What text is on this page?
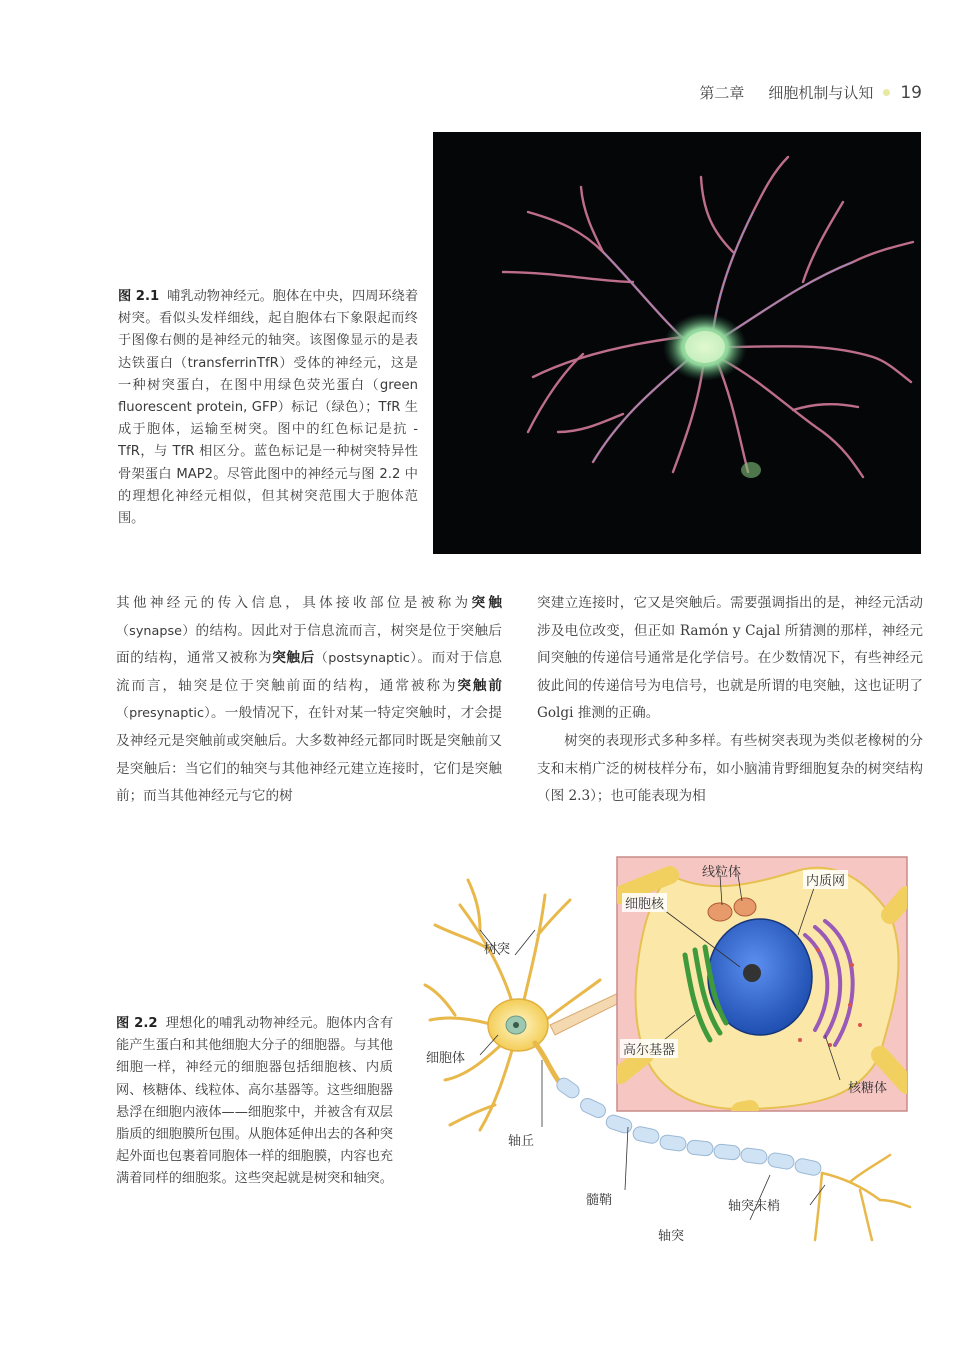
第二章 细胞机制与认知 19
图 2.1 哺乳动物神经元。胞体在中央，四周环绕着树突。看似头发样细线，起自胞体右下象限起而终于图像右侧的是神经元的轴突。该图像显示的是表达铁蛋白（transferrinTfR）受体的神经元，这是一种树突蛋白，在图中用绿色荧光蛋白（green fluorescent protein, GFP）标记（绿色）；TfR 生成于胞体，运输至树突。图中的红色标记是抗 -TfR，与 TfR 相区分。蓝色标记是一种树突特异性骨架蛋白 MAP2。尽管此图中的神经元与图 2.2 中的理想化神经元相似，但其树突范围大于胞体范围。

其他神经元的传入信息，具体接收部位是被称为突触（synapse）的结构。因此对于信息流而言，树突是位于突触后面的结构，通常又被称为突触后（postsynaptic）。而对于信息流而言，轴突是位于突触前面的结构，通常被称为突触前（presynaptic）。一般情况下，在针对某一特定突触时，才会提及神经元是突触前或突触后。大多数神经元都同时既是突触前又是突触后：当它们的轴突与其他神经元建立连接时，它们是突触前；而当其他神经元与它的树

突建立连接时，它又是突触后。需要强调指出的是，神经元活动涉及电位改变，但正如 Ramón y Cajal 所猜测的那样，神经元间突触的传递信号通常是化学信号。在少数情况下，有些神经元彼此间的传递信号为电信号，也就是所谓的电突触，这也证明了 Golgi 推测的正确。

树突的表现形式多种多样。有些树突表现为类似老橡树的分支和末梢广泛的树枝样分布，如小脑浦肯野细胞复杂的树突结构（图 2.3）；也可能表现为相

图 2.2 理想化的哺乳动物神经元。胞体内含有能产生蛋白和其他细胞大分子的细胞器。与其他细胞一样，神经元的细胞器包括细胞核、内质网、核糖体、线粒体、高尔基器等。这些细胞器悬浮在细胞内液体——细胞浆中，并被含有双层脂质的细胞膜所包围。从胞体延伸出去的各种突起外面也包裹着同胞体一样的细胞膜，内容也充满着同样的细胞浆。这些突起就是树突和轴突。
线粒体
内质网
细胞核
树突
高尔基器
细胞体
核糖体
轴丘
髓鞘	轴突末梢
轴突
